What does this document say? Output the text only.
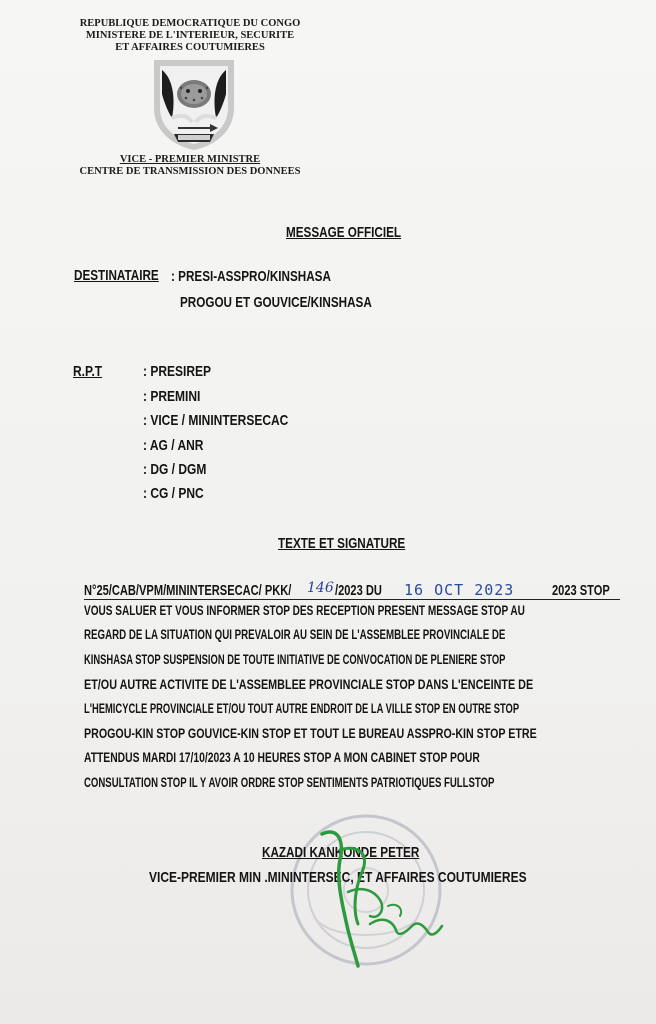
REPUBLIQUE DEMOCRATIQUE DU CONGO
MINISTERE DE L'INTERIEUR, SECURITE
ET AFFAIRES COUTUMIERES
VICE - PREMIER MINISTRE
CENTRE DE TRANSMISSION DES DONNEES
MESSAGE OFFICIEL
DESTINATAIRE : PRESI-ASSPRO/KINSHASA
PROGOU ET GOUVICE/KINSHASA
R.P.T	: PRESIREP
: PREMINI
: VICE / MININTERSECAC
: AG / ANR
: DG / DGM
: CG / PNC
TEXTE ET SIGNATURE
N°25/CAB/VPM/MININTERSECAC/ PKK/ 146 /2023 DU 16 OCT 2023	2023 STOP
VOUS SALUER ET VOUS INFORMER STOP DES RECEPTION PRESENT MESSAGE STOP AU
REGARD DE LA SITUATION QUI PREVALOIR AU SEIN DE L'ASSEMBLEE PROVINCIALE DE
KINSHASA STOP SUSPENSION DE TOUTE INITIATIVE DE CONVOCATION DE PLENIERE STOP
ET/OU AUTRE ACTIVITE DE L'ASSEMBLEE PROVINCIALE STOP DANS L'ENCEINTE DE
L'HEMICYCLE PROVINCIALE ET/OU TOUT AUTRE ENDROIT DE LA VILLE STOP EN OUTRE STOP
PROGOU-KIN STOP GOUVICE-KIN STOP ET TOUT LE BUREAU ASSPRO-KIN STOP ETRE
ATTENDUS MARDI 17/10/2023 A 10 HEURES STOP A MON CABINET STOP POUR
CONSULTATION STOP IL Y AVOIR ORDRE STOP SENTIMENTS PATRIOTIQUES FULLSTOP
KAZADI KANKONDE PETER
VICE-PREMIER MIN .MININTERSEC, ET AFFAIRES COUTUMIERES
